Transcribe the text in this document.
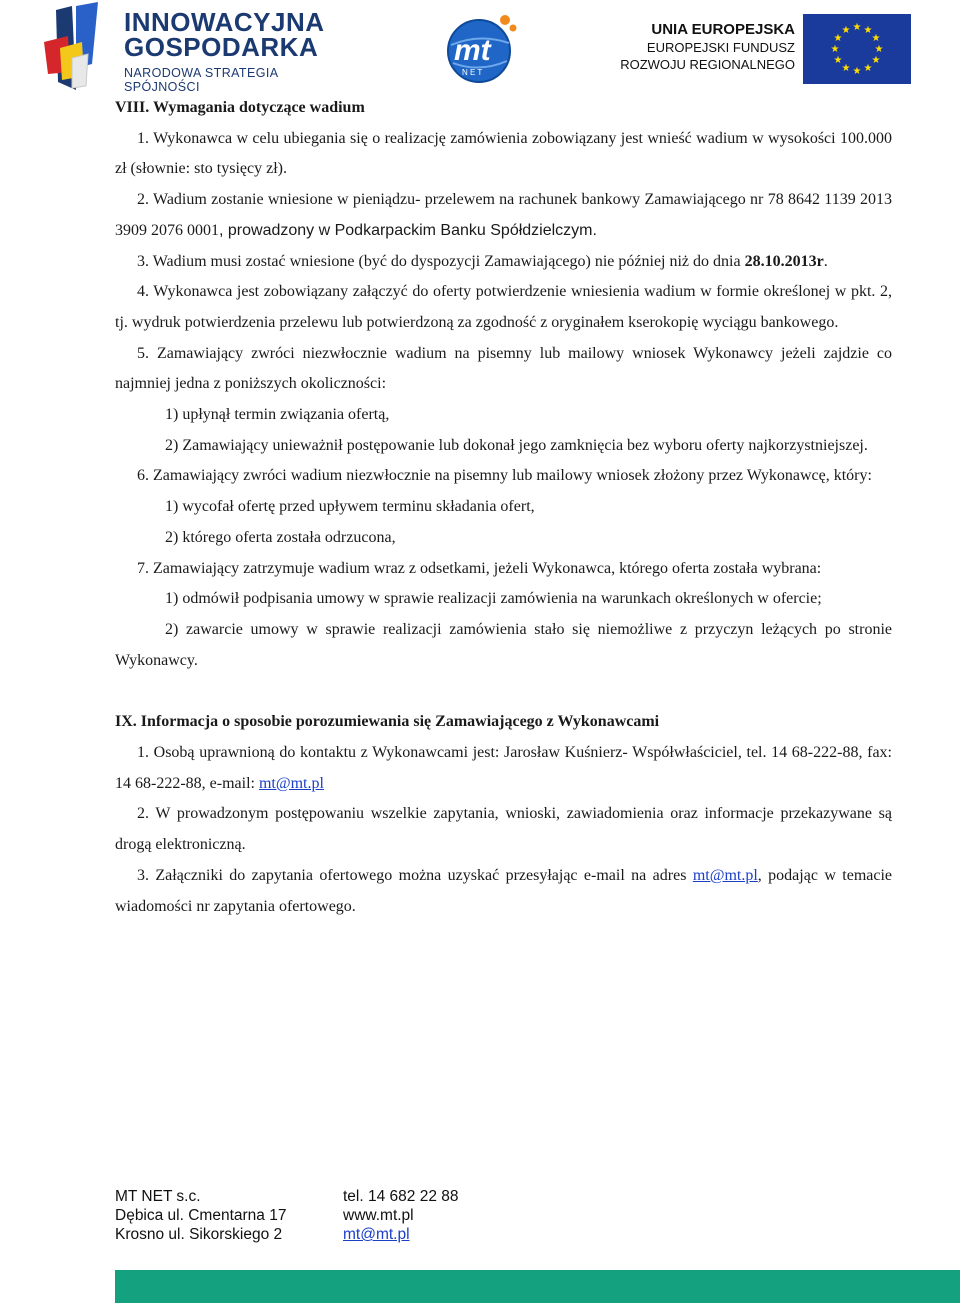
INNOWACYJNA
GOSPODARKA
NARODOWA STRATEGIA SPÓJNOŚCI
mt
N E T
UNIA EUROPEJSKA
EUROPEJSKI FUNDUSZ
ROZWOJU REGIONALNEGO
★ ★
★
★
★
★
★
★
★
★
★
★

VIII. Wymagania dotyczące wadium

1. Wykonawca w celu ubiegania się o realizację zamówienia zobowiązany jest wnieść wadium w wysokości 100.000 zł (słownie: sto tysięcy zł).

2. Wadium zostanie wniesione w pieniądzu- przelewem na rachunek bankowy Zamawiającego nr 78 8642 1139 2013 3909 2076 0001, prowadzony w Podkarpackim Banku Spółdzielczym.

3. Wadium musi zostać wniesione (być do dyspozycji Zamawiającego) nie później niż do dnia 28.10.2013r.

4. Wykonawca jest zobowiązany załączyć do oferty potwierdzenie wniesienia wadium w formie określonej w pkt. 2, tj. wydruk potwierdzenia przelewu lub potwierdzoną za zgodność z oryginałem kserokopię wyciągu bankowego.

5. Zamawiający zwróci niezwłocznie wadium na pisemny lub mailowy wniosek Wykonawcy jeżeli zajdzie co najmniej jedna z poniższych okoliczności:

1) upłynął termin związania ofertą,

2) Zamawiający unieważnił postępowanie lub dokonał jego zamknięcia bez wyboru oferty najkorzystniejszej.

6. Zamawiający zwróci wadium niezwłocznie na pisemny lub mailowy wniosek złożony przez Wykonawcę, który:

1) wycofał ofertę przed upływem terminu składania ofert,

2) którego oferta została odrzucona,

7. Zamawiający zatrzymuje wadium wraz z odsetkami, jeżeli Wykonawca, którego oferta została wybrana:

1) odmówił podpisania umowy w sprawie realizacji zamówienia na warunkach określonych w ofercie;

2) zawarcie umowy w sprawie realizacji zamówienia stało się niemożliwe z przyczyn leżących po stronie Wykonawcy.

IX. Informacja o sposobie porozumiewania się Zamawiającego z Wykonawcami

1. Osobą uprawnioną do kontaktu z Wykonawcami jest: Jarosław Kuśnierz- Współwłaściciel, tel. 14 68-222-88, fax: 14 68-222-88, e-mail: mt@mt.pl

2. W prowadzonym postępowaniu wszelkie zapytania, wnioski, zawiadomienia oraz informacje przekazywane są drogą elektroniczną.

3. Załączniki do zapytania ofertowego można uzyskać przesyłając e-mail na adres mt@mt.pl, podając w temacie wiadomości nr zapytania ofertowego.

MT NET s.c.
Dębica ul. Cmentarna 17
Krosno ul. Sikorskiego 2
tel. 14 682 22 88
www.mt.pl
mt@mt.pl
